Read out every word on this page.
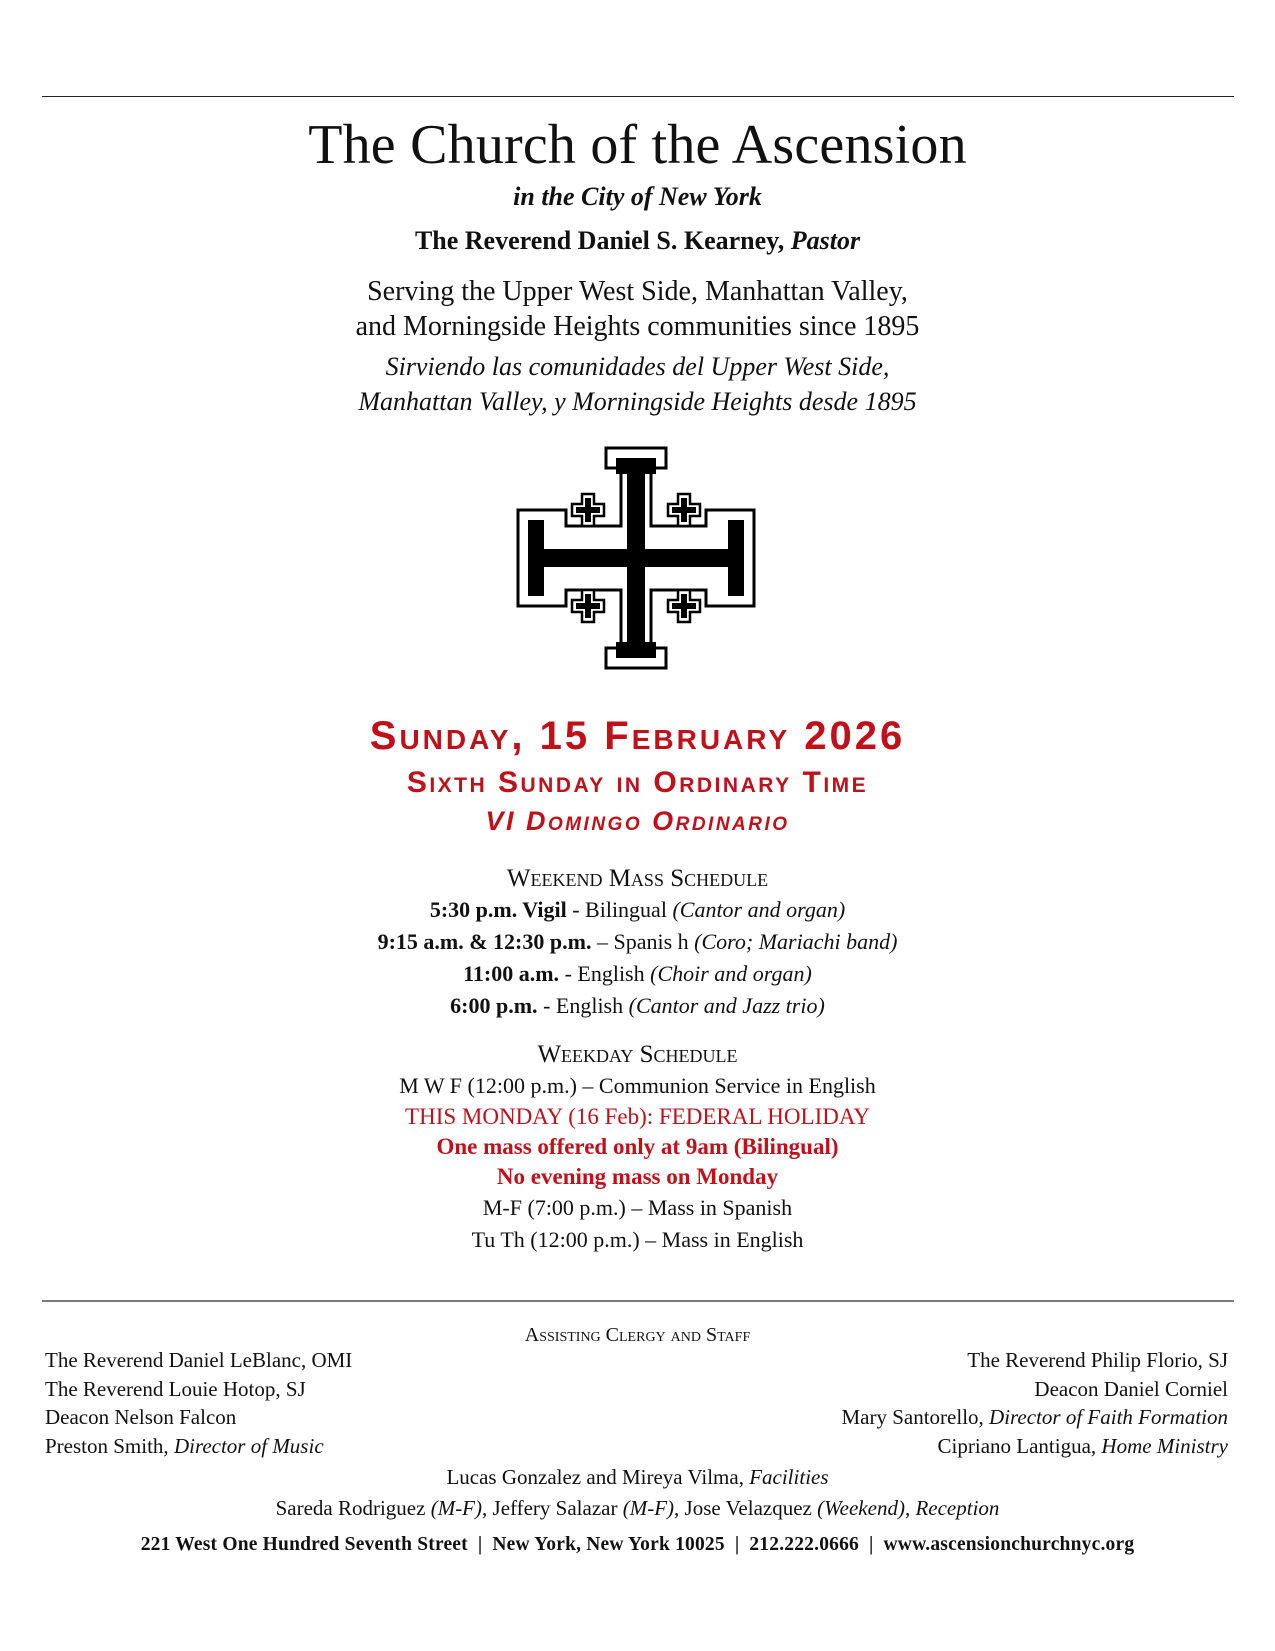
The Church of the Ascension
in the City of New York
The Reverend Daniel S. Kearney, Pastor
Serving the Upper West Side, Manhattan Valley,
and Morningside Heights communities since 1895
Sirviendo las comunidades del Upper West Side,
Manhattan Valley, y Morningside Heights desde 1895
Sunday, 15 February 2026
Sixth Sunday in Ordinary Time
VI Domingo Ordinario
Weekend Mass Schedule
5:30 p.m. Vigil - Bilingual (Cantor and organ)
9:15 a.m. & 12:30 p.m. – Spanis h (Coro; Mariachi band)
11:00 a.m. - English (Choir and organ)
6:00 p.m. - English (Cantor and Jazz trio)
Weekday Schedule
M W F (12:00 p.m.) – Communion Service in English
THIS MONDAY (16 Feb): FEDERAL HOLIDAY
One mass offered only at 9am (Bilingual)
No evening mass on Monday
M-F (7:00 p.m.) – Mass in Spanish
Tu Th (12:00 p.m.) – Mass in English
Assisting Clergy and Staff
The Reverend Daniel LeBlanc, OMI
The Reverend Louie Hotop, SJ
Deacon Nelson Falcon
Preston Smith, Director of Music
The Reverend Philip Florio, SJ
Deacon Daniel Corniel
Mary Santorello, Director of Faith Formation
Cipriano Lantigua, Home Ministry
Lucas Gonzalez and Mireya Vilma, Facilities
Sareda Rodriguez (M-F), Jeffery Salazar (M-F), Jose Velazquez (Weekend), Reception
221 West One Hundred Seventh Street | New York, New York 10025 | 212.222.0666 | www.ascensionchurchnyc.org
